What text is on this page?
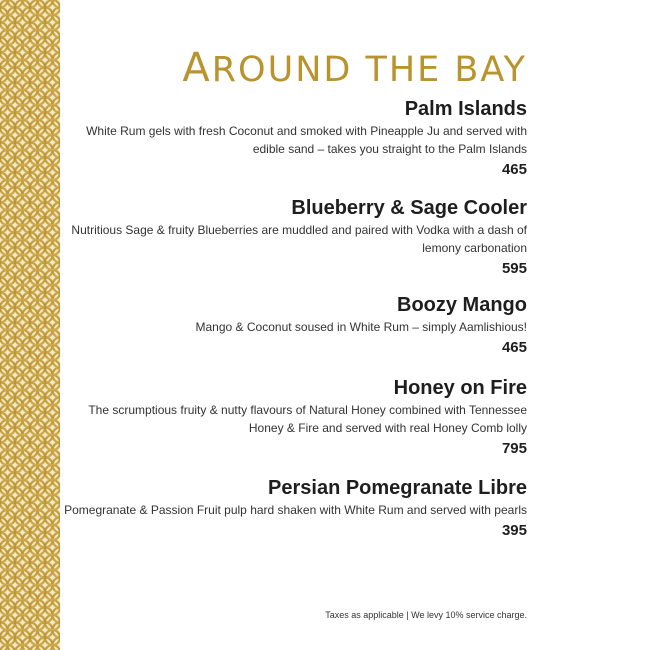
AROUND THE BAY
Palm Islands
White Rum gels with fresh Coconut and smoked with Pineapple Ju and served with edible sand – takes you straight to the Palm Islands
465
Blueberry & Sage Cooler
Nutritious Sage & fruity Blueberries are muddled and paired with Vodka with a dash of lemony carbonation
595
Boozy Mango
Mango & Coconut soused in White Rum – simply Aamlishious!
465
Honey on Fire
The scrumptious fruity & nutty flavours of Natural Honey combined with Tennessee Honey & Fire and served with real Honey Comb lolly
795
Persian Pomegranate Libre
Pomegranate & Passion Fruit pulp hard shaken with White Rum and served with pearls
395
Taxes as applicable | We levy 10% service charge.
